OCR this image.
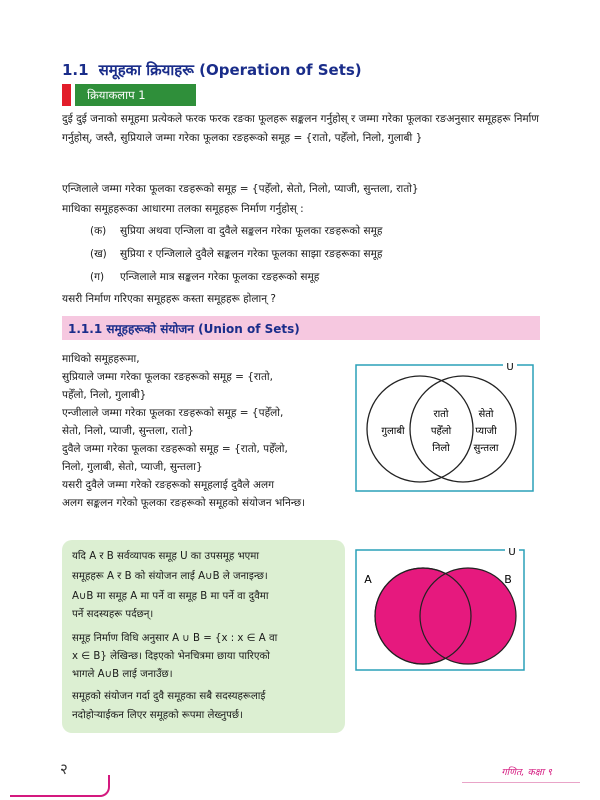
1.1 समूहका क्रियाहरू (Operation of Sets)
क्रियाकलाप 1
दुई दुई जनाको समूहमा प्रत्येकले फरक फरक रङका फूलहरू सङ्कलन गर्नुहोस् र जम्मा गरेका फूलका रङअनुसार समूहहरू निर्माण गर्नुहोस्, जस्तै, सुप्रियाले जम्मा गरेका फूलका रङहरूको समूह = {रातो, पहेँलो, निलो, गुलाबी }
एन्जिलाले जम्मा गरेका फूलका रङहरूको समूह = {पहेँलो, सेतो, निलो, प्याजी, सुन्तला, रातो}
माथिका समूहहरूका आधारमा तलका समूहहरू निर्माण गर्नुहोस् :
(क) सुप्रिया अथवा एन्जिला वा दुवैले सङ्कलन गरेका फूलका रङहरूको समूह
(ख) सुप्रिया र एन्जिलाले दुवैले सङ्कलन गरेका फूलका साझा रङहरूका समूह
(ग) एन्जिलाले मात्र सङ्कलन गरेका फूलका रङहरूको समूह
यसरी निर्माण गरिएका समूहहरू कस्ता समूहहरू होलान् ?
1.1.1 समूहहरूको संयोजन (Union of Sets)
माथिको समूहहरूमा,
सुप्रियाले जम्मा गरेका फूलका रङहरूको समूह = {रातो,
पहेँलो, निलो, गुलाबी}
एन्जीलाले जम्मा गरेका फूलका रङहरूको समूह = {पहेँलो,
सेतो, निलो, प्याजी, सुन्तला, रातो}
दुवैले जम्मा गरेका फूलका रङहरूको समूह = {रातो, पहेँलो,
निलो, गुलाबी, सेतो, प्याजी, सुन्तला}
यसरी दुवैले जम्मा गरेको रङहरूको समूहलाई दुवैले अलग
अलग सङ्कलन गरेको फूलका रङहरूको समूहको संयोजन भनिन्छ।
U
गुलाबी
रातो
पहेँलो
निलो
सेतो
प्याजी
सुन्तला
यदि A र B सर्वव्यापक समूह U का उपसमूह भएमा
समूहहरू A र B को संयोजन लाई A∪B ले जनाइन्छ।
A∪B मा समूह A मा पर्ने वा समूह B मा पर्ने वा दुवैमा
पर्ने सदस्यहरू पर्दछन्।
समूह निर्माण विधि अनुसार A ∪ B = {x : x ∈ A वा
x ∈ B} लेखिन्छ। दिइएको भेनचित्रमा छाया पारिएको
भागले A∪B लाई जनाउँछ।
समूहको संयोजन गर्दा दुवै समूहका सबै सदस्यहरूलाई
नदोहोऱ्याईकन लिएर समूहको रूपमा लेख्नुपर्छ।
U
A	B
२	गणित, कक्षा ९
